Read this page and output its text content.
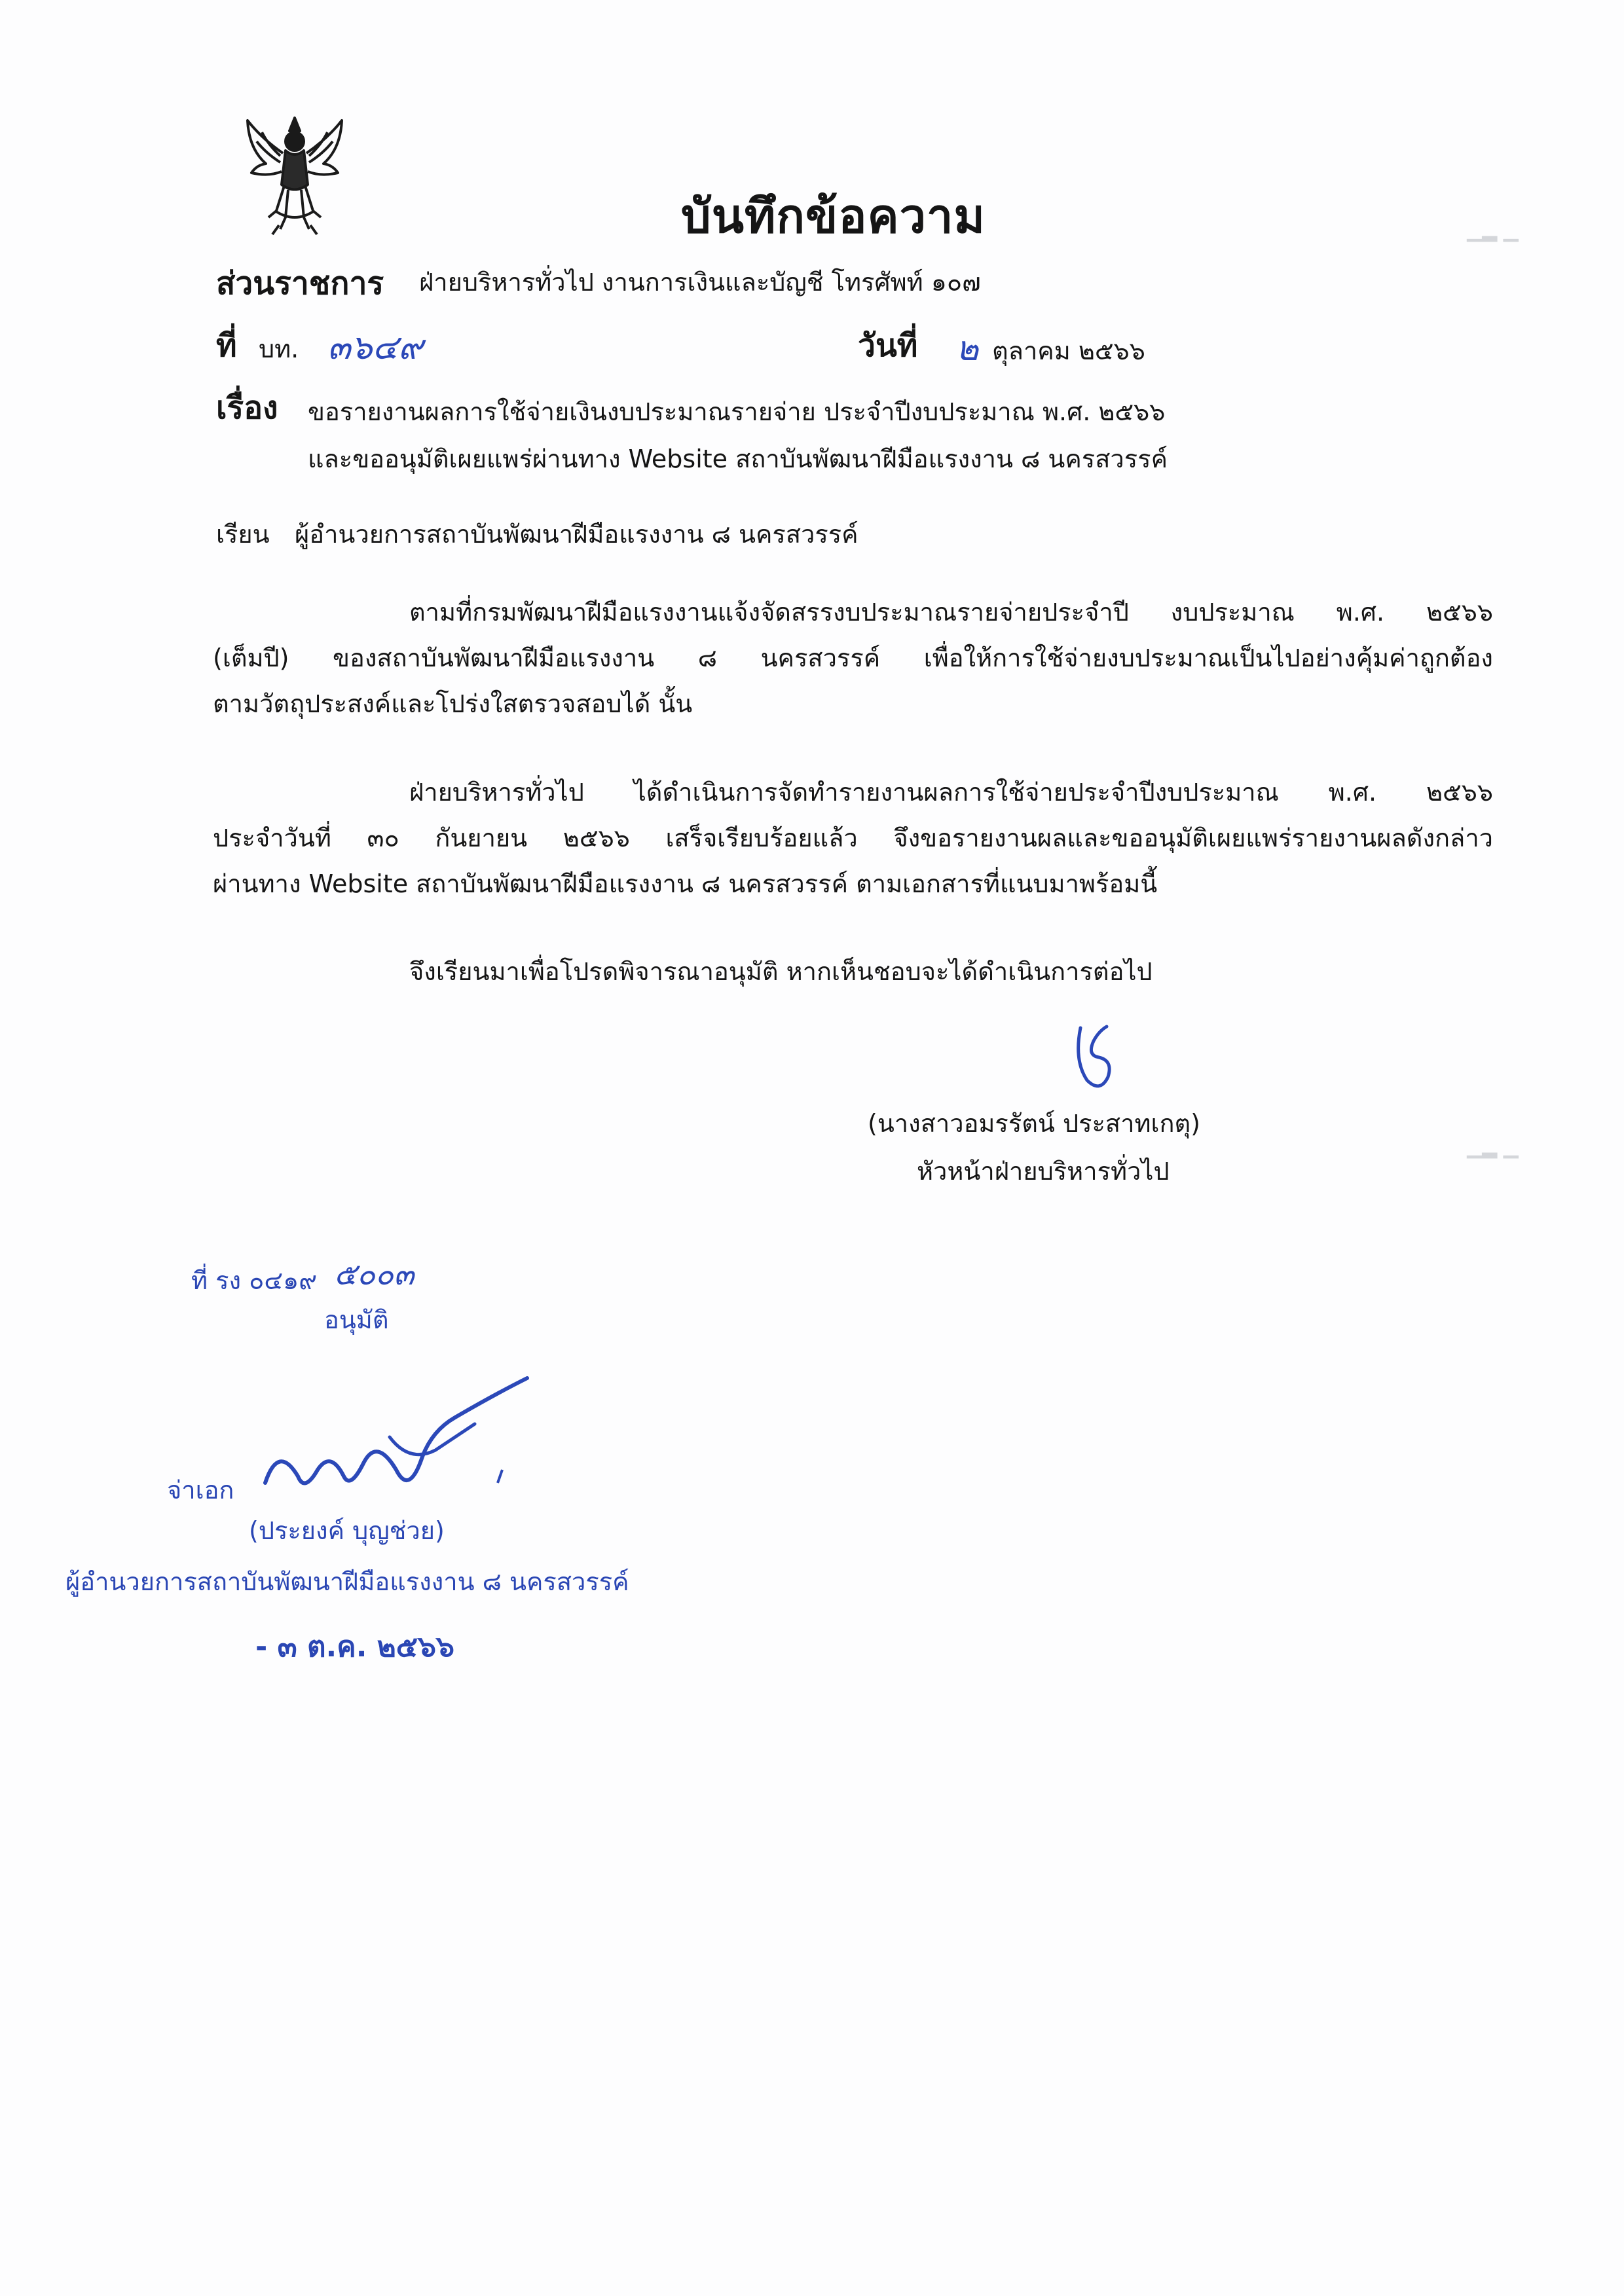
▁▂ ▁
▁▂ ▁
บันทึกข้อความ
ส่วนราชการ ฝ่ายบริหารทั่วไป งานการเงินและบัญชี โทรศัพท์ ๑๐๗
ที่ บท. ๓๖๔๙	วันที่ ๒ ตุลาคม ๒๕๖๖
เรื่อง ขอรายงานผลการใช้จ่ายเงินงบประมาณรายจ่าย ประจำปีงบประมาณ พ.ศ. ๒๕๖๖
และขออนุมัติเผยแพร่ผ่านทาง Website สถาบันพัฒนาฝีมือแรงงาน ๘ นครสวรรค์
เรียน ผู้อำนวยการสถาบันพัฒนาฝีมือแรงงาน ๘ นครสวรรค์

ตามที่กรมพัฒนาฝีมือแรงงานแจ้งจัดสรรงบประมาณรายจ่ายประจำปี งบประมาณ พ.ศ. ๒๕๖๖

(เต็มปี) ของสถาบันพัฒนาฝีมือแรงงาน ๘ นครสวรรค์ เพื่อให้การใช้จ่ายงบประมาณเป็นไปอย่างคุ้มค่าถูกต้อง

ตามวัตถุประสงค์และโปร่งใสตรวจสอบได้ นั้น

ฝ่ายบริหารทั่วไป ได้ดำเนินการจัดทำรายงานผลการใช้จ่ายประจำปีงบประมาณ พ.ศ. ๒๕๖๖

ประจำวันที่ ๓๐ กันยายน ๒๕๖๖ เสร็จเรียบร้อยแล้ว จึงขอรายงานผลและขออนุมัติเผยแพร่รายงานผลดังกล่าว

ผ่านทาง Website สถาบันพัฒนาฝีมือแรงงาน ๘ นครสวรรค์ ตามเอกสารที่แนบมาพร้อมนี้

จึงเรียนมาเพื่อโปรดพิจารณาอนุมัติ หากเห็นชอบจะได้ดำเนินการต่อไป
(นางสาวอมรรัตน์ ประสาทเกตุ)
หัวหน้าฝ่ายบริหารทั่วไป
ที่ รง ๐๔๑๙ ๕๐๐๓
อนุมัติ
จ่าเอก
(ประยงค์ บุญช่วย)
ผู้อำนวยการสถาบันพัฒนาฝีมือแรงงาน ๘ นครสวรรค์
- ๓ ต.ค. ๒๕๖๖
